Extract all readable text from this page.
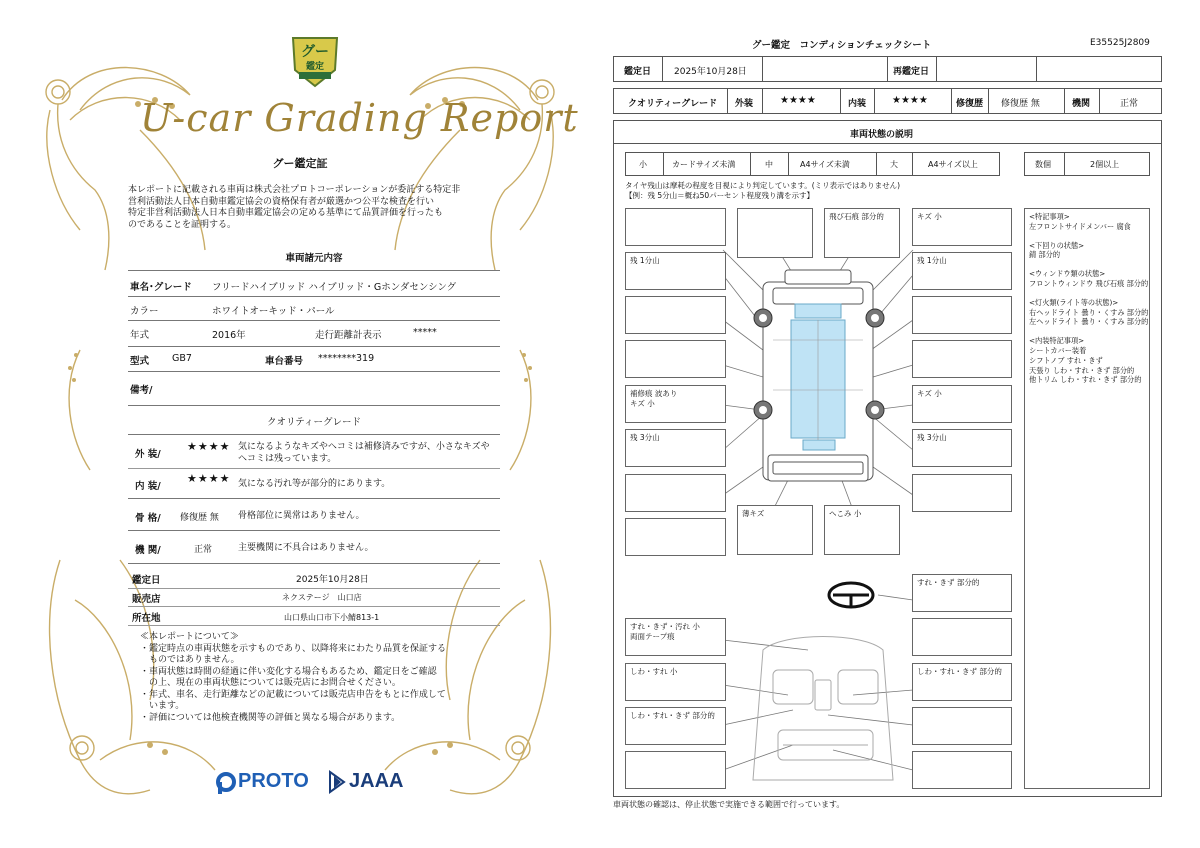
グー
鑑定
U-car Grading Report
グー鑑定証
本レポートに記載される車両は株式会社プロトコーポレーションが委託する特定非
営利活動法人日本自動車鑑定協会の資格保有者が厳選かつ公平な検査を行い
特定非営利活動法人日本自動車鑑定協会の定める基準にて品質評価を行ったも
のであることを証明する。
車両諸元内容
車名･グレード フリードハイブリッド ハイブリッド・Gホンダセンシング
カラー	ホワイトオーキッド・パール
年式	2016年	走行距離計表示	*****
型式 GB7	車台番号 ********319
備考/
クオリティーグレード
外 装/
★★★★ 気になるようなキズやヘコミは補修済みですが、小さなキズや
ヘコミは残っています。
内 装/
★★★★ 気になる汚れ等が部分的にあります。
骨 格/ 修復歴 無 骨格部位に異常はありません。
機 関/	正常	主要機関に不具合はありません。
鑑定日	2025年10月28日
販売店	ネクステージ　山口店
所在地	山口県山口市下小鯖813-1
≪本レポートについて≫
・鑑定時点の車両状態を示すものであり、以降将来にわたり品質を保証する
　ものではありません。
・車両状態は時間の経過に伴い変化する場合もあるため、鑑定日をご確認
　の上、現在の車両状態については販売店にお問合せください。
・年式、車名、走行距離などの記載については販売店申告をもとに作成して
　います。
・評価については他検査機関等の評価と異なる場合があります。
PROTO JAAA
グー鑑定　コンディションチェックシート	E35525J2809
鑑定日	2025年10月28日	再鑑定日
クオリティーグレード 外装	★★★★	内装	★★★★	修復歴 修復歴 無	機関	正常
車両状態の説明
小	カードサイズ未満	中	A4サイズ未満	大	A4サイズ以上	数個	2個以上
タイヤ残山は摩耗の程度を目視により判定しています。(ミリ表示ではありません)
【例：残 5分山＝概ね50パーセント程度残り溝を示す】
残 1分山
補修痕 波あり
キズ 小
残 3分山
飛び石痕 部分的
薄キズ	へこみ 小
キズ 小
残 1分山
キズ 小
残 3分山
すれ・きず 部分的
しわ・すれ・きず 部分的
すれ・きず・汚れ 小
両面テープ痕
しわ・すれ 小
しわ・すれ・きず 部分的
<特記事項>
左フロントサイドメンバー 腐食
<下回りの状態>
錆 部分的
<ウィンドウ類の状態>
フロントウィンドウ 飛び石痕 部分的
<灯火類(ライト等の状態)>
右ヘッドライト 曇り・くすみ 部分的
左ヘッドライト 曇り・くすみ 部分的
<内装特記事項>
シートカバー装着
シフトノブ すれ・きず
天張り しわ・すれ・きず 部分的
他トリム しわ・すれ・きず 部分的
車両状態の確認は、停止状態で実施できる範囲で行っています。
